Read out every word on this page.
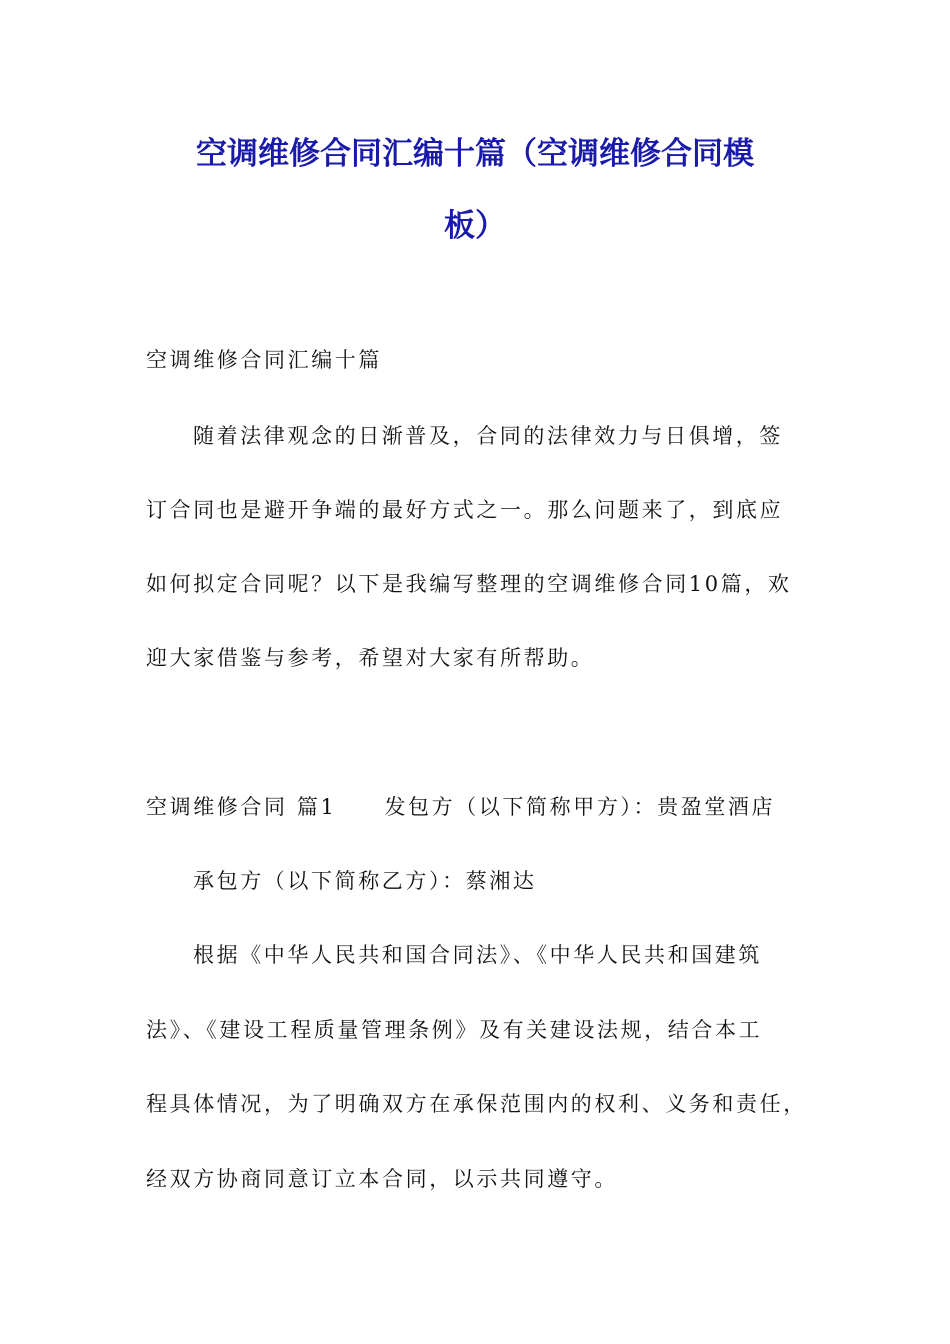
空调维修合同汇编十篇（空调维修合同模
板）

空调维修合同汇编十篇

随着法律观念的日渐普及，合同的法律效力与日俱增，签

订合同也是避开争端的最好方式之一。那么问题来了，到底应

如何拟定合同呢？以下是我编写整理的空调维修合同10篇，欢

迎大家借鉴与参考，希望对大家有所帮助。

空调维修合同 篇1 发包方（以下简称甲方）：贵盈堂酒店

承包方（以下简称乙方）：蔡湘达

根据《中华人民共和国合同法》、《中华人民共和国建筑

法》、《建设工程质量管理条例》及有关建设法规，结合本工

程具体情况，为了明确双方在承保范围内的权利、义务和责任，

经双方协商同意订立本合同，以示共同遵守。
